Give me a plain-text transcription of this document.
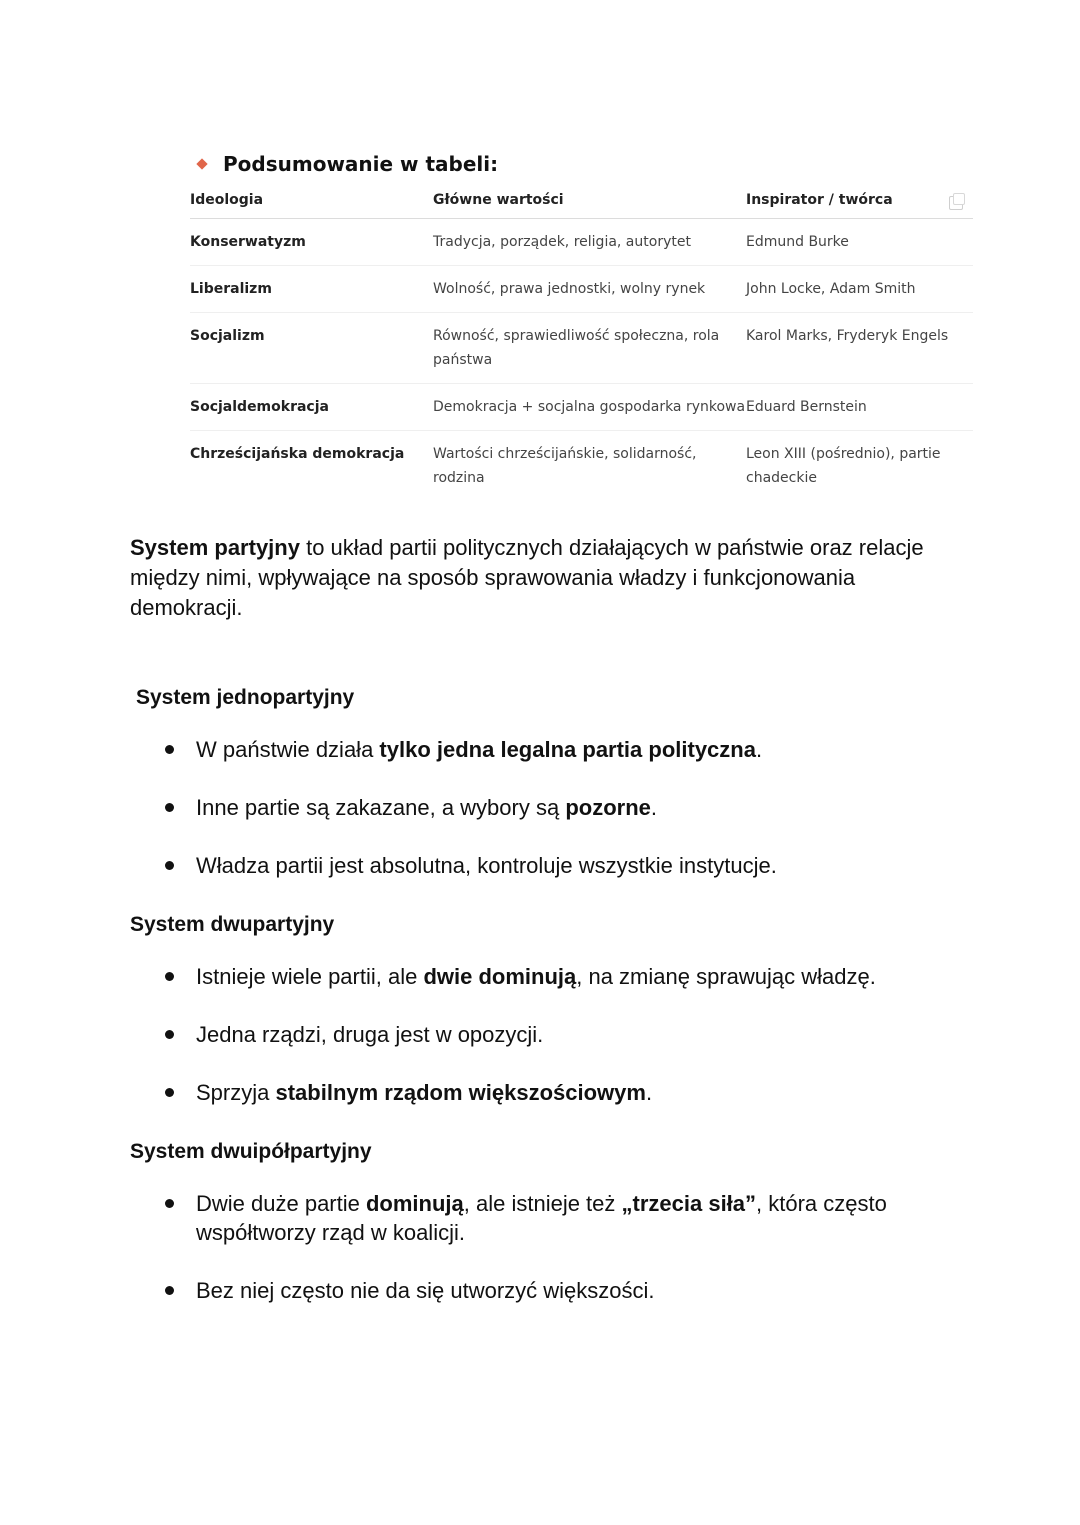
Podsumowanie w tabeli:
Ideologia	Główne wartości	Inspirator / twórca
Konserwatyzm	Tradycja, porządek, religia, autorytet	Edmund Burke
Liberalizm	Wolność, prawa jednostki, wolny rynek	John Locke, Adam Smith
Socjalizm	Równość, sprawiedliwość społeczna, rola państwa	Karol Marks, Fryderyk Engels
Socjaldemokracja	Demokracja + socjalna gospodarka rynkowa	Eduard Bernstein
Chrześcijańska demokracja	Wartości chrześcijańskie, solidarność, rodzina	Leon XIII (pośrednio), partie chadeckie

System partyjny to układ partii politycznych działających w państwie oraz relacje między nimi, wpływające na sposób sprawowania władzy i funkcjonowania demokracji.

System jednopartyjny
W państwie działa tylko jedna legalna partia polityczna.
Inne partie są zakazane, a wybory są pozorne.
Władza partii jest absolutna, kontroluje wszystkie instytucje.
System dwupartyjny
Istnieje wiele partii, ale dwie dominują, na zmianę sprawując władzę.
Jedna rządzi, druga jest w opozycji.
Sprzyja stabilnym rządom większościowym.
System dwuipółpartyjny
Dwie duże partie dominują, ale istnieje też „trzecia siła”, która często współtworzy rząd w koalicji.
Bez niej często nie da się utworzyć większości.
